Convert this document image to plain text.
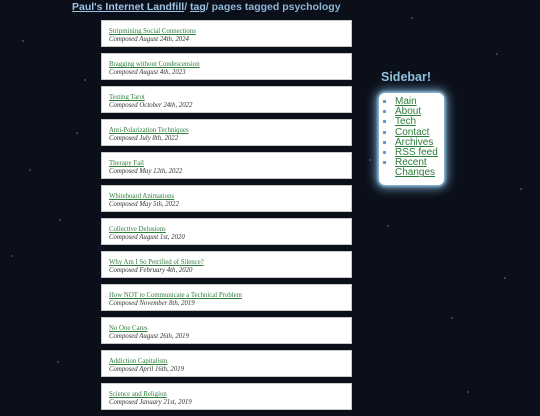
Paul's Internet Landfill/ tag/ pages tagged psychology
Stripmining Social Connections
Composed August 24th, 2024
Bragging without Condescension
Composed August 4th, 2023
Testing Tarot
Composed October 24th, 2022
Anti-Polarization Techniques
Composed July 8th, 2022
Therapy Fail
Composed May 12th, 2022
Whiteboard Animations
Composed May 5th, 2022
Collective Delusions
Composed August 1st, 2020
Why Am I So Petrified of Silence?
Composed February 4th, 2020
How NOT to Communicate a Technical Problem
Composed November 8th, 2019
No One Cares
Composed August 26th, 2019
Addiction Capitalism
Composed April 16th, 2019
Science and Religion
Composed January 21st, 2019
Sidebar!
▪ Main
▪ About
▪ Tech
▪ Contact
▪ Archives
▪ RSS feed
▪ Recent Changes
